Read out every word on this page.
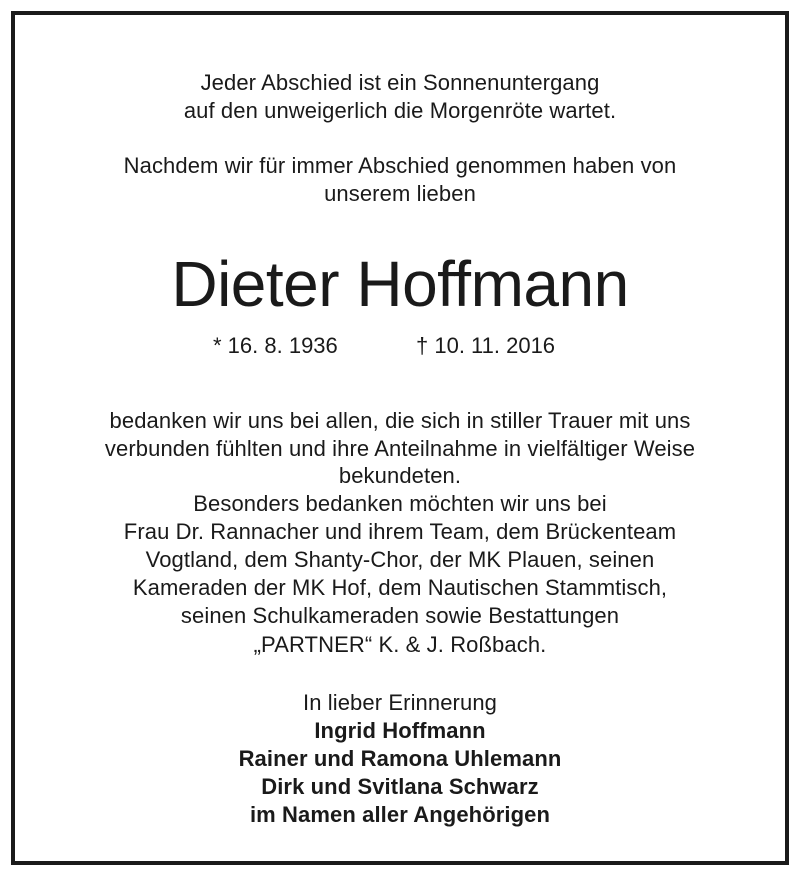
Jeder Abschied ist ein Sonnenuntergang
auf den unweigerlich die Morgenröte wartet.
Nachdem wir für immer Abschied genommen haben von
unserem lieben
Dieter Hoffmann
* 16. 8. 1936	† 10. 11. 2016
bedanken wir uns bei allen, die sich in stiller Trauer mit uns
verbunden fühlten und ihre Anteilnahme in vielfältiger Weise
bekundeten.
Besonders bedanken möchten wir uns bei
Frau Dr. Rannacher und ihrem Team, dem Brückenteam
Vogtland, dem Shanty-Chor, der MK Plauen, seinen
Kameraden der MK Hof, dem Nautischen Stammtisch,
seinen Schulkameraden sowie Bestattungen
„PARTNER“ K. & J. Roßbach.
In lieber Erinnerung
Ingrid Hoffmann
Rainer und Ramona Uhlemann
Dirk und Svitlana Schwarz
im Namen aller Angehörigen
